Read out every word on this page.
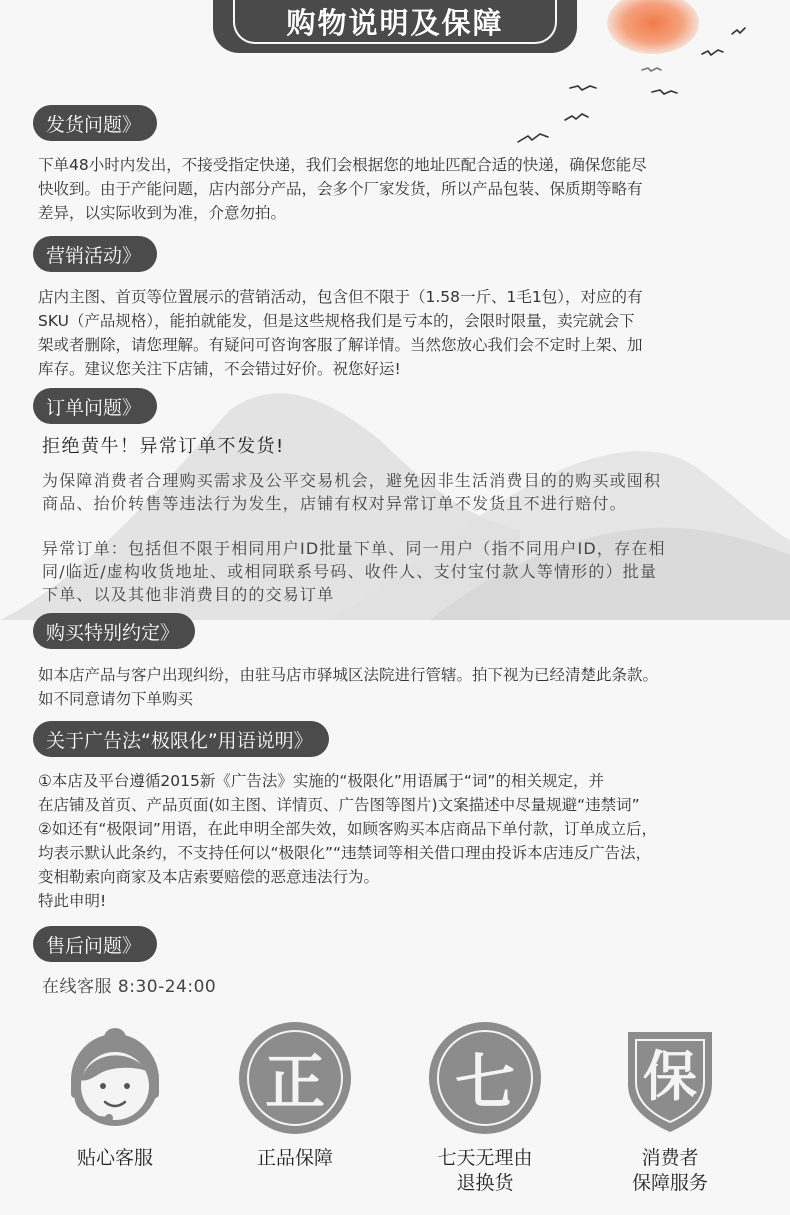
购物说明及保障
发货问题》

下单48小时内发出，不接受指定快递，我们会根据您的地址匹配合适的快递，确保您能尽

快收到。由于产能问题，店内部分产品，会多个厂家发货，所以产品包装、保质期等略有

差异，以实际收到为准，介意勿拍。

营销活动》

店内主图、首页等位置展示的营销活动，包含但不限于（1.58一斤、1毛1包），对应的有

SKU（产品规格），能拍就能发，但是这些规格我们是亏本的，会限时限量，卖完就会下

架或者删除，请您理解。有疑问可咨询客服了解详情。当然您放心我们会不定时上架、加

库存。建议您关注下店铺，不会错过好价。祝您好运!

订单问题》
拒绝黄牛！异常订单不发货!

为保障消费者合理购买需求及公平交易机会，避免因非生活消费目的的购买或囤积

商品、抬价转售等违法行为发生，店铺有权对异常订单不发货且不进行赔付。

异常订单：包括但不限于相同用户ID批量下单、同一用户（指不同用户ID，存在相

同/临近/虚构收货地址、或相同联系号码、收件人、支付宝付款人等情形的）批量

下单、以及其他非消费目的的交易订单

购买特别约定》

如本店产品与客户出现纠纷，由驻马店市驿城区法院进行管辖。拍下视为已经清楚此条款。

如不同意请勿下单购买

关于广告法“极限化”用语说明》

①本店及平台遵循2015新《广告法》实施的“极限化”用语属于“词”的相关规定，并

在店铺及首页、产品页面(如主图、详情页、广告图等图片)文案描述中尽量规避“违禁词”

②如还有“极限词”用语，在此申明全部失效，如顾客购买本店商品下单付款，订单成立后，

均表示默认此条约，不支持任何以“极限化”“违禁词等相关借口理由投诉本店违反广告法，

变相勒索向商家及本店索要赔偿的恶意违法行为。

特此申明!

售后问题》
在线客服 8:30-24:00
贴心客服
正
正品保障
七
七天无理由
退换货
保
消费者
保障服务
